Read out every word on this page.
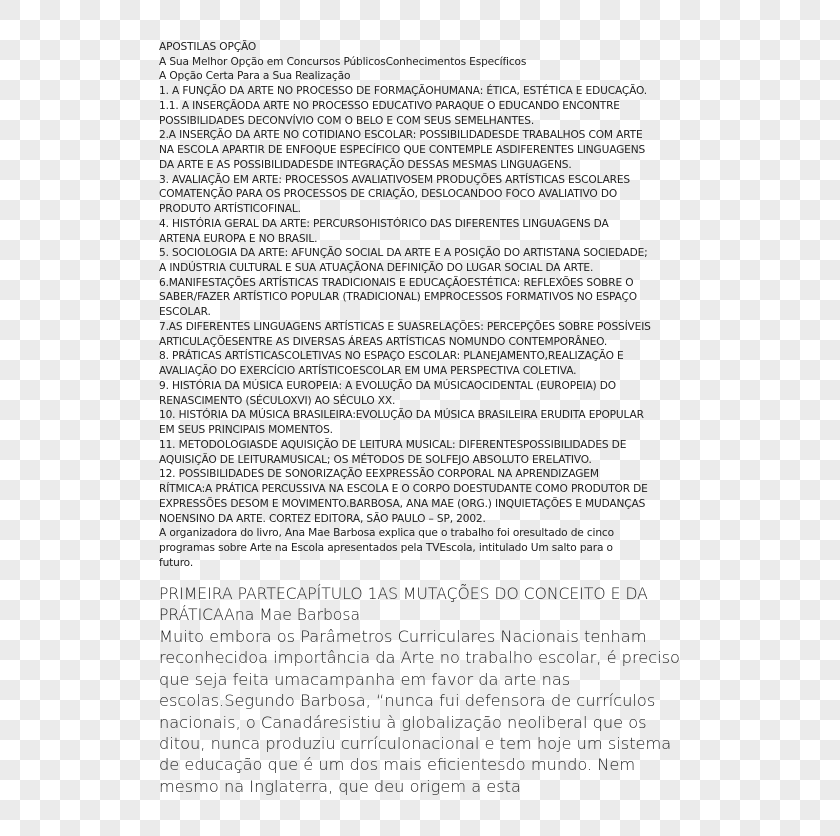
APOSTILAS OPÇÃO
A Sua Melhor Opção em Concursos PúblicosConhecimentos Específicos
A Opção Certa Para a Sua Realização
1. A FUNÇÃO DA ARTE NO PROCESSO DE FORMAÇÃOHUMANA: ÉTICA, ESTÉTICA E EDUCAÇÃO.
1.1. A INSERÇÃODA ARTE NO PROCESSO EDUCATIVO PARAQUE O EDUCANDO ENCONTRE
POSSIBILIDADES DECONVÍVIO COM O BELO E COM SEUS SEMELHANTES.
2.A INSERÇÃO DA ARTE NO COTIDIANO ESCOLAR: POSSIBILIDADESDE TRABALHOS COM ARTE
NA ESCOLA APARTIR DE ENFOQUE ESPECÍFICO QUE CONTEMPLE ASDIFERENTES LINGUAGENS
DA ARTE E AS POSSIBILIDADESDE INTEGRAÇÃO DESSAS MESMAS LINGUAGENS.
3. AVALIAÇÃO EM ARTE: PROCESSOS AVALIATIVOSEM PRODUÇÕES ARTÍSTICAS ESCOLARES
COMATENÇÃO PARA OS PROCESSOS DE CRIAÇÃO, DESLOCANDOO FOCO AVALIATIVO DO
PRODUTO ARTÍSTICOFINAL.
4. HISTÓRIA GERAL DA ARTE: PERCURSOHISTÓRICO DAS DIFERENTES LINGUAGENS DA
ARTENA EUROPA E NO BRASIL.
5. SOCIOLOGIA DA ARTE: AFUNÇÃO SOCIAL DA ARTE E A POSIÇÃO DO ARTISTANA SOCIEDADE;
A INDÚSTRIA CULTURAL E SUA ATUAÇÃONA DEFINIÇÃO DO LUGAR SOCIAL DA ARTE.
6.MANIFESTAÇÕES ARTÍSTICAS TRADICIONAIS E EDUCAÇÃOESTÉTICA: REFLEXÕES SOBRE O
SABER/FAZER ARTÍSTICO POPULAR (TRADICIONAL) EMPROCESSOS FORMATIVOS NO ESPAÇO
ESCOLAR.
7.AS DIFERENTES LINGUAGENS ARTÍSTICAS E SUASRELAÇÕES: PERCEPÇÕES SOBRE POSSÍVEIS
ARTICULAÇÕESENTRE AS DIVERSAS ÁREAS ARTÍSTICAS NOMUNDO CONTEMPORÂNEO.
8. PRÁTICAS ARTÍSTICASCOLETIVAS NO ESPAÇO ESCOLAR: PLANEJAMENTO,REALIZAÇÃO E
AVALIAÇÃO DO EXERCÍCIO ARTÍSTICOESCOLAR EM UMA PERSPECTIVA COLETIVA.
9. HISTÓRIA DA MÚSICA EUROPEIA: A EVOLUÇÃO DA MÚSICAOCIDENTAL (EUROPEIA) DO
RENASCIMENTO (SÉCULOXVI) AO SÉCULO XX.
10. HISTÓRIA DA MÚSICA BRASILEIRA:EVOLUÇÃO DA MÚSICA BRASILEIRA ERUDITA EPOPULAR
EM SEUS PRINCIPAIS MOMENTOS.
11. METODOLOGIASDE AQUISIÇÃO DE LEITURA MUSICAL: DIFERENTESPOSSIBILIDADES DE
AQUISIÇÃO DE LEITURAMUSICAL; OS MÉTODOS DE SOLFEJO ABSOLUTO ERELATIVO.
12. POSSIBILIDADES DE SONORIZAÇÃO EEXPRESSÃO CORPORAL NA APRENDIZAGEM
RÍTMICA:A PRÁTICA PERCUSSIVA NA ESCOLA E O CORPO DOESTUDANTE COMO PRODUTOR DE
EXPRESSÕES DESOM E MOVIMENTO.BARBOSA, ANA MAE (ORG.) INQUIETAÇÕES E MUDANÇAS
NOENSINO DA ARTE. CORTEZ EDITORA, SÃO PAULO – SP, 2002.
A organizadora do livro, Ana Mae Barbosa explica que o trabalho foi oresultado de cinco
programas sobre Arte na Escola apresentados pela TVEscola, intitulado Um salto para o
futuro.
PRIMEIRA PARTECAPÍTULO 1AS MUTAÇÕES DO CONCEITO E DA
PRÁTICAAna Mae Barbosa
Muito embora os Parâmetros Curriculares Nacionais tenham
reconhecidoa importância da Arte no trabalho escolar, é preciso
que seja feita umacampanha em favor da arte nas
escolas.Segundo Barbosa, “nunca fui defensora de currículos
nacionais, o Canadáresistiu à globalização neoliberal que os
ditou, nunca produziu currículonacional e tem hoje um sistema
de educação que é um dos mais eficientesdo mundo. Nem
mesmo na Inglaterra, que deu origem a esta
